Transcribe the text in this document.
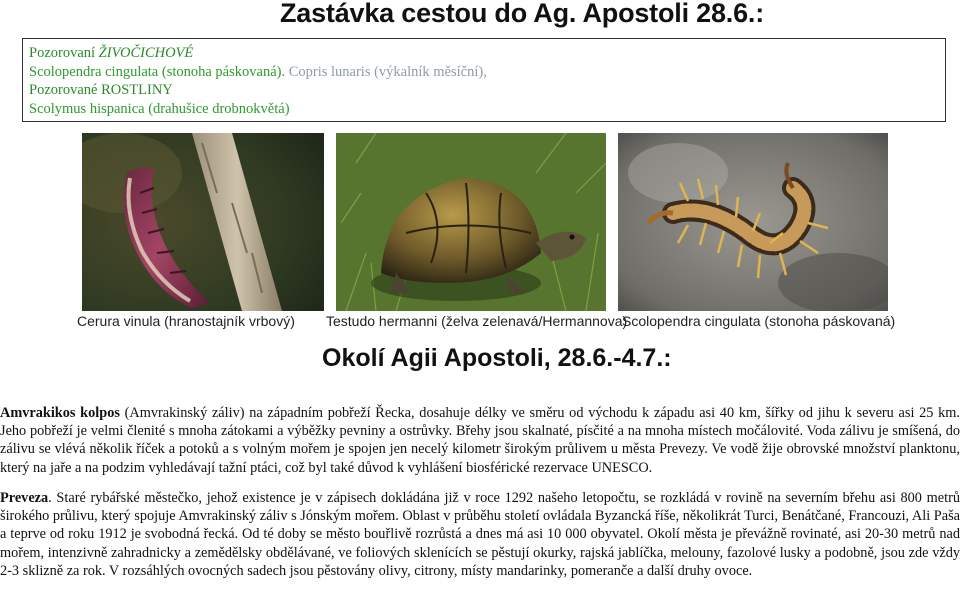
Zastávka cestou do Ag. Apostoli 28.6.:
Pozorovaní ŽIVOČICHOVÉ
Scolopendra cingulata (stonoha páskovaná). Copris lunaris (výkalník měsíční),
Pozorované ROSTLINY
Scolymus hispanica (drahušice drobnokvětá)
Cerura vinula (hranostajník vrbový) Testudo hermanni (želva zelenavá/Hermannova)
Scolopendra cingulata (stonoha páskovaná)
Okolí Agii Apostoli, 28.6.-4.7.:
Amvrakikos kolpos (Amvrakinský záliv) na západním pobřeží Řecka, dosahuje délky ve směru od východu k západu asi 40 km, šířky od jihu k severu asi 25 km. Jeho pobřeží je velmi členité s mnoha zátokami a výběžky pevniny a ostrůvky. Břehy jsou skalnaté, písčité a na mnoha místech močálovité. Voda zálivu je smíšená, do zálivu se vlévá několik říček a potoků a s volným mořem je spojen jen necelý kilometr širokým průlivem u města Prevezy. Ve vodě žije obrovské množství planktonu, který na jaře a na podzim vyhledávají tažní ptáci, což byl také důvod k vyhlášení biosférické rezervace UNESCO.
Preveza. Staré rybářské městečko, jehož existence je v zápisech dokládána již v roce 1292 našeho letopočtu, se rozkládá v rovině na severním břehu asi 800 metrů širokého průlivu, který spojuje Amvrakinský záliv s Jónským mořem. Oblast v průběhu století ovládala Byzancká říše, několikrát Turci, Benátčané, Francouzi, Ali Paša a teprve od roku 1912 je svobodná řecká. Od té doby se město bouřlivě rozrůstá a dnes má asi 10 000 obyvatel. Okolí města je převážně rovinaté, asi 20-30 metrů nad mořem, intenzivně zahradnicky a zemědělsky obdělávané, ve foliových sklenících se pěstují okurky, rajská jablíčka, melouny, fazolové lusky a podobně, jsou zde vždy 2-3 sklizně za rok. V rozsáhlých ovocných sadech jsou pěstovány olivy, citrony, místy mandarinky, pomeranče a další druhy ovoce.
